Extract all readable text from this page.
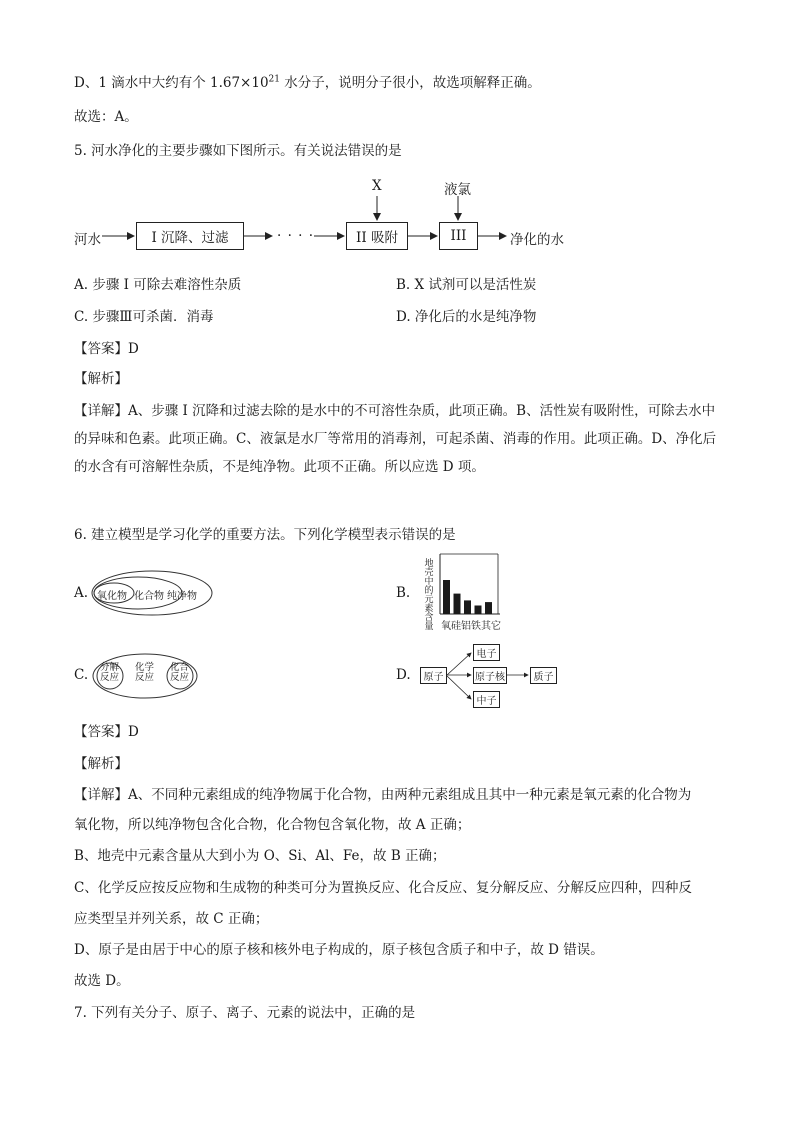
D、1 滴水中大约有个 $1.67\times 10^{21}$ 水分子，说明分子很小，故选项解释正确。
故选：A。
5. 河水净化的主要步骤如下图所示。有关说法错误的是
河水	I 沉降、过滤	· · · ·	II 吸附	III	净化的水
X	液氯
A. 步骤 I 可除去难溶性杂质	B. X 试剂可以是活性炭
C. 步骤Ⅲ可杀菌．消毒	D. 净化后的水是纯净物
【答案】D
【解析】
【详解】A、步骤 I 沉降和过滤去除的是水中的不可溶性杂质，此项正确。B、活性炭有吸附性，可除去水中的异味和色素。此项正确。C、液氯是水厂等常用的消毒剂，可起杀菌、消毒的作用。此项正确。D、净化后的水含有可溶解性杂质，不是纯净物。此项不正确。所以应选 D 项。
6. 建立模型是学习化学的重要方法。下列化学模型表示错误的是
A. 氧化物 化合物 纯净物	B.
地
壳
中
的
元
素
含
量 氧硅铝铁其它
C. 分解
反应
化学
反应
化合
反应	D.	原子
电子
原子核	质子
中子
【答案】D
【解析】
【详解】A、不同种元素组成的纯净物属于化合物，由两种元素组成且其中一种元素是氧元素的化合物为
氧化物，所以纯净物包含化合物，化合物包含氧化物，故 A 正确；
B、地壳中元素含量从大到小为 O、Si、Al、Fe，故 B 正确；
C、化学反应按反应物和生成物的种类可分为置换反应、化合反应、复分解反应、分解反应四种，四种反
应类型呈并列关系，故 C 正确；
D、原子是由居于中心的原子核和核外电子构成的，原子核包含质子和中子，故 D 错误。
故选 D。
7. 下列有关分子、原子、离子、元素的说法中，正确的是
